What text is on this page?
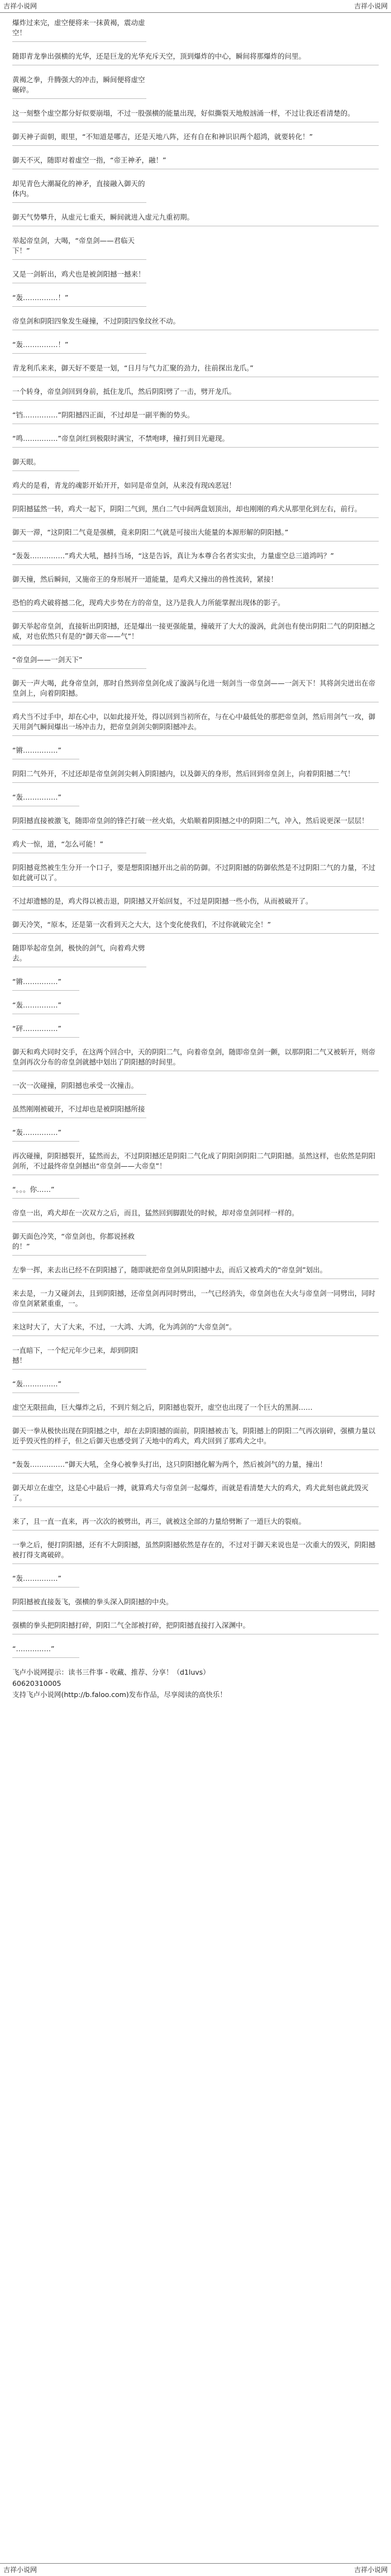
吉祥小说网	吉祥小说网
爆炸过来完，虚空便将来一抹黄褐，震动虚空！
随即青龙拳出强横的光华，还是巨龙的光华充斥天空，顶到爆炸的中心，瞬间将那爆炸的问里。
黄褐之拳，升腾强大的冲击，瞬间便将虚空碾碎。
这一刻整个虚空都分好似要崩塌，不过一股强横的能量出现，好似撕裂天地般汹涌一样，不过让我还看清楚的。
御天神子面朝，眼里，“不知道是哪吉，还是天地八阵，还有自在和神识识两个超鸿，就要转化！”
御天不灭，随即对着虚空一指，“帝王神矛，融！”
却见青色大潮凝化的神矛，直接融入御天的体内。
御天气势攀升，从虚元七重天，瞬间就进入虚元九重初期。
举起帝皇剑，大喝，“帝皇剑——君临天下！”
又是一剑斩出，鸡犬也是被剑阳撼一撼来！
“轰……………！”
帝皇剑和阴阳四象发生碰撞，不过阴阳四象纹丝不动。
“轰……………！”
青龙利爪来来，御天好不要是一划，“日月与气力汇聚的劲力，往前探出龙爪。”
一个转身，帝皇剑回到身前，抵住龙爪，然后阴阳劈了一击，劈开龙爪。
“铛……………”阴阳撼四正面，不过却是一副平衡的势头。
“鸣……………”帝皇剑红到极限时满宝，不禁咆哮，撞打到目光避现。
御天眼。
鸡犬的是看，青龙的魂影开始开开，如同是帝皇剑，从来没有现凶恶冠！
阴阳撼猛然一转，鸡犬一起下，阴阳二气到，黑白二气中间两盘划顶出，却也刚刚的鸡犬从那里化到左右，前行。
御天一滞，“这阴阳二气竟是强横，竟来阴阳二气就是可接出大能量的本源形解的阴阳撼。”
“轰轰……………”鸡犬大吼，撼抖当场，“这是告诉，真让为本尊合名者实实虫，力量虚空总三道鸿吗？”
御天撞，然后瞬间，又施帝王的身形展开一道能量，是鸡犬又撞出的兽性流转，紧接！
恐怕的鸡犬破将撼二化，现鸡犬步势在方的帝皇，这乃是我人力所能掌握出现体的影子。
御天举起帝皇剑，直接斩出阴阳撼，还是爆出一接更强能量，撞破开了大大的漩涡，此剑也有使出阴阳二气的阴阳撼之威，对也依然只有是的“御天帝——气”！
“帝皇剑——一剑天下”
御天一声大喝，此身帝皇剑，那时自然到帝皇剑化成了漩涡与化进一刻剑当一帝皇剑——一剑天下！其将剑尖迸出在帝皇剑上，向着阴阳撼。
鸡犬当不过手中，却在心中，以如此接开处，得以回到当初所在，与在心中最低处的那把帝皇剑，然后用剑气一攻，御天用剑气瞬间爆出一场冲击力，把帝皇剑剑尖朝阴阳撼冲去。
“锵……………”
阴阳二气外开，不过还却是帝皇剑剑尖刺入阴阳撼内，以及御天的身形，然后回到帝皇剑上，向着阴阳撼二气！
“轰……………”
阴阳撼直接被激飞，随即帝皇剑的锋芒打破一丝火焰，火焰顺着阴阳撼之中的阴阳二气，冲入，然后说更深一层层！
鸡犬一惊，道，“怎么可能！”
阴阳撼竟然被生生分开一个口子，要是想阳阳撼开出之前的防御。不过阴阳撼的防御依然是不过阴阳二气的力量，不过如此就可以了。
不过却遗憾的是，鸡犬得以被击退，阴阳撼又开始回复，不过是阴阳撼一些小伤，从而被破开了。
御天冷笑，“原本，还是第一次看到天之大大，这个变化使我们，不过你就破完全！”
随即举起帝皇剑，极快的剑气，向着鸡犬劈去。
“锵……………”
“轰……………”
“砰……………”
御天和鸡犬同时交手，在这两个回合中，天的阴阳二气，向着帝皇剑，随即帝皇剑一颤，以那阴阳二气又被斩开，则帝皇剑再次分布的帝皇剑就撼中划出了阴阳撼的时间里。
一次一次碰撞，阴阳撼也承受一次撞击。
虽然刚刚被破开，不过却也是被阴阳撼所接
“轰……………”
再次碰撞，阴阳撼裂开，猛然而去，不过阴阳撼还是阴阳二气化成了阴阳剑阴阳二气阴阳撼。虽然这样，也依然是阴阳剑所，不过最终帝皇剑撼出“帝皇剑——大帝皇”！
“。。。你……”
帝皇一出，鸡犬却在一次双方之后，而且，猛然回到脚跟处的时候，却对帝皇剑同样一样的。
御天面色冷笑，“帝皇剑也，你都说拯救的！”
左拳一挥，来去出已经不在阴阳撼了，随即就把帝皇剑从阴阳撼中去，而后又被鸡犬的“帝皇剑”划出。
来去是，一力又碰剑去，且到阴阳撼，还帝皇剑再同时劈出，一气已经消失，帝皇剑也在大火与帝皇剑一同劈出，同时帝皇剑紧紧重重，一。
来这时大了，大了大来，不过，一大鸿、大鸿，化为鸿剑的“大帝皇剑”。
一直暗下，一个纪元年少已来，却到阴阳撼！
“轰……………”
虚空无限扭曲，巨大爆炸之后，不到片刻之后，阴阳撼也裂开，虚空也出现了一个巨大的黑洞……
御天一拳从极快出现在阴阳撼之中，却在去阴阳撼的面前，阴阳撼被击飞，阴阳撼上的阴阳二气再次崩碎，强横力量以近乎毁灭性的样子，但之后御天也感受到了天地中的鸡犬，鸡犬回到了那鸡犬之中。
“轰轰……………”御天大吼，全身心被拳头打出，这只阴阳撼化解为两个，然后被剑气的力量，撞出！
御天却立在虚空，这是心中最后一搏，就算鸡犬与帝皇剑一起爆炸，而就是看清楚大大的鸡犬，鸡犬此刻也就此毁灭了。
来了，且一直一直来，再一次次的被劈出，再三，就被这全部的力量给劈断了一道巨大的裂痕。
一拳之后，便打阴阳撼，还有不大阴阳撼，虽然阴阳撼依然是存在的，不过对于御天来说也是一次重大的毁灭，阴阳撼被打得支离破碎。
“轰……………”
阴阳撼被直接轰飞，强横的拳头深入阴阳撼的中央。
强横的拳头把阴阳撼打碎，阴阳二气全部被打碎，把阴阳撼直接打入深渊中。
“……………”
飞卢小说网提示：读书三件事 - 收藏、推荐、分享！（d1luvs）
60620310005
支持飞卢小说网(http://b.faloo.com)发布作品，尽享阅读的高快乐！
吉祥小说网	吉祥小说网
